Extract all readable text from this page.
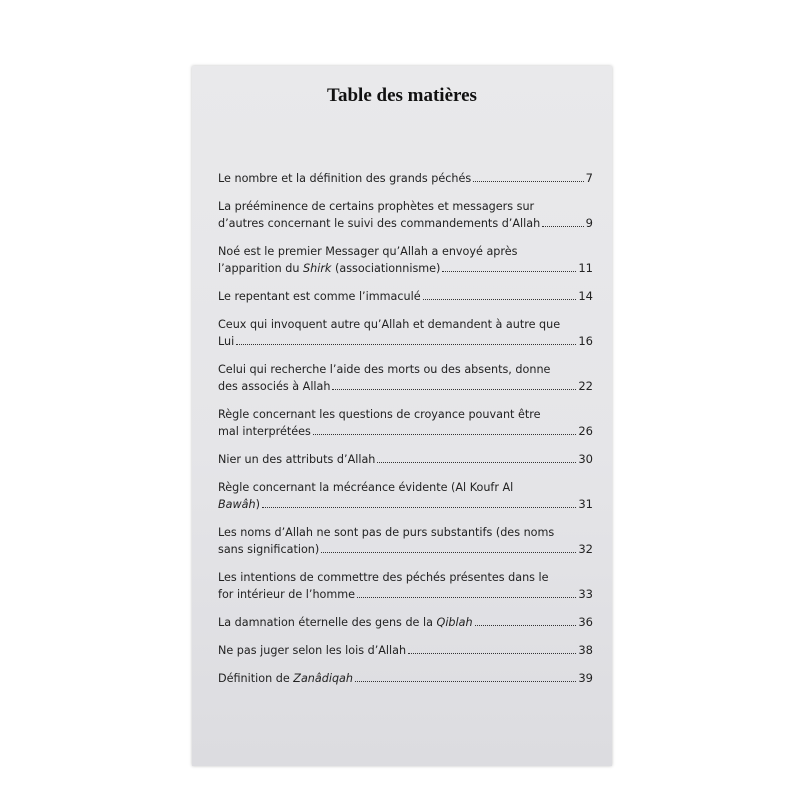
Table des matières
Le nombre et la définition des grands péchés	7
La prééminence de certains prophètes et messagers sur
d’autres concernant le suivi des commandements d’Allah	9
Noé est le premier Messager qu’Allah a envoyé après
l’apparition du Shirk (associationnisme)	11
Le repentant est comme l’immaculé	14
Ceux qui invoquent autre qu’Allah et demandent à autre que
Lui	16
Celui qui recherche l’aide des morts ou des absents, donne
des associés à Allah	22
Règle concernant les questions de croyance pouvant être
mal interprétées	26
Nier un des attributs d’Allah	30
Règle concernant la mécréance évidente (Al Koufr Al
Bawâh)	31
Les noms d’Allah ne sont pas de purs substantifs (des noms
sans signification)	32
Les intentions de commettre des péchés présentes dans le
for intérieur de l’homme	33
La damnation éternelle des gens de la Qiblah	36
Ne pas juger selon les lois d’Allah	38
Définition de Zanâdiqah	39
